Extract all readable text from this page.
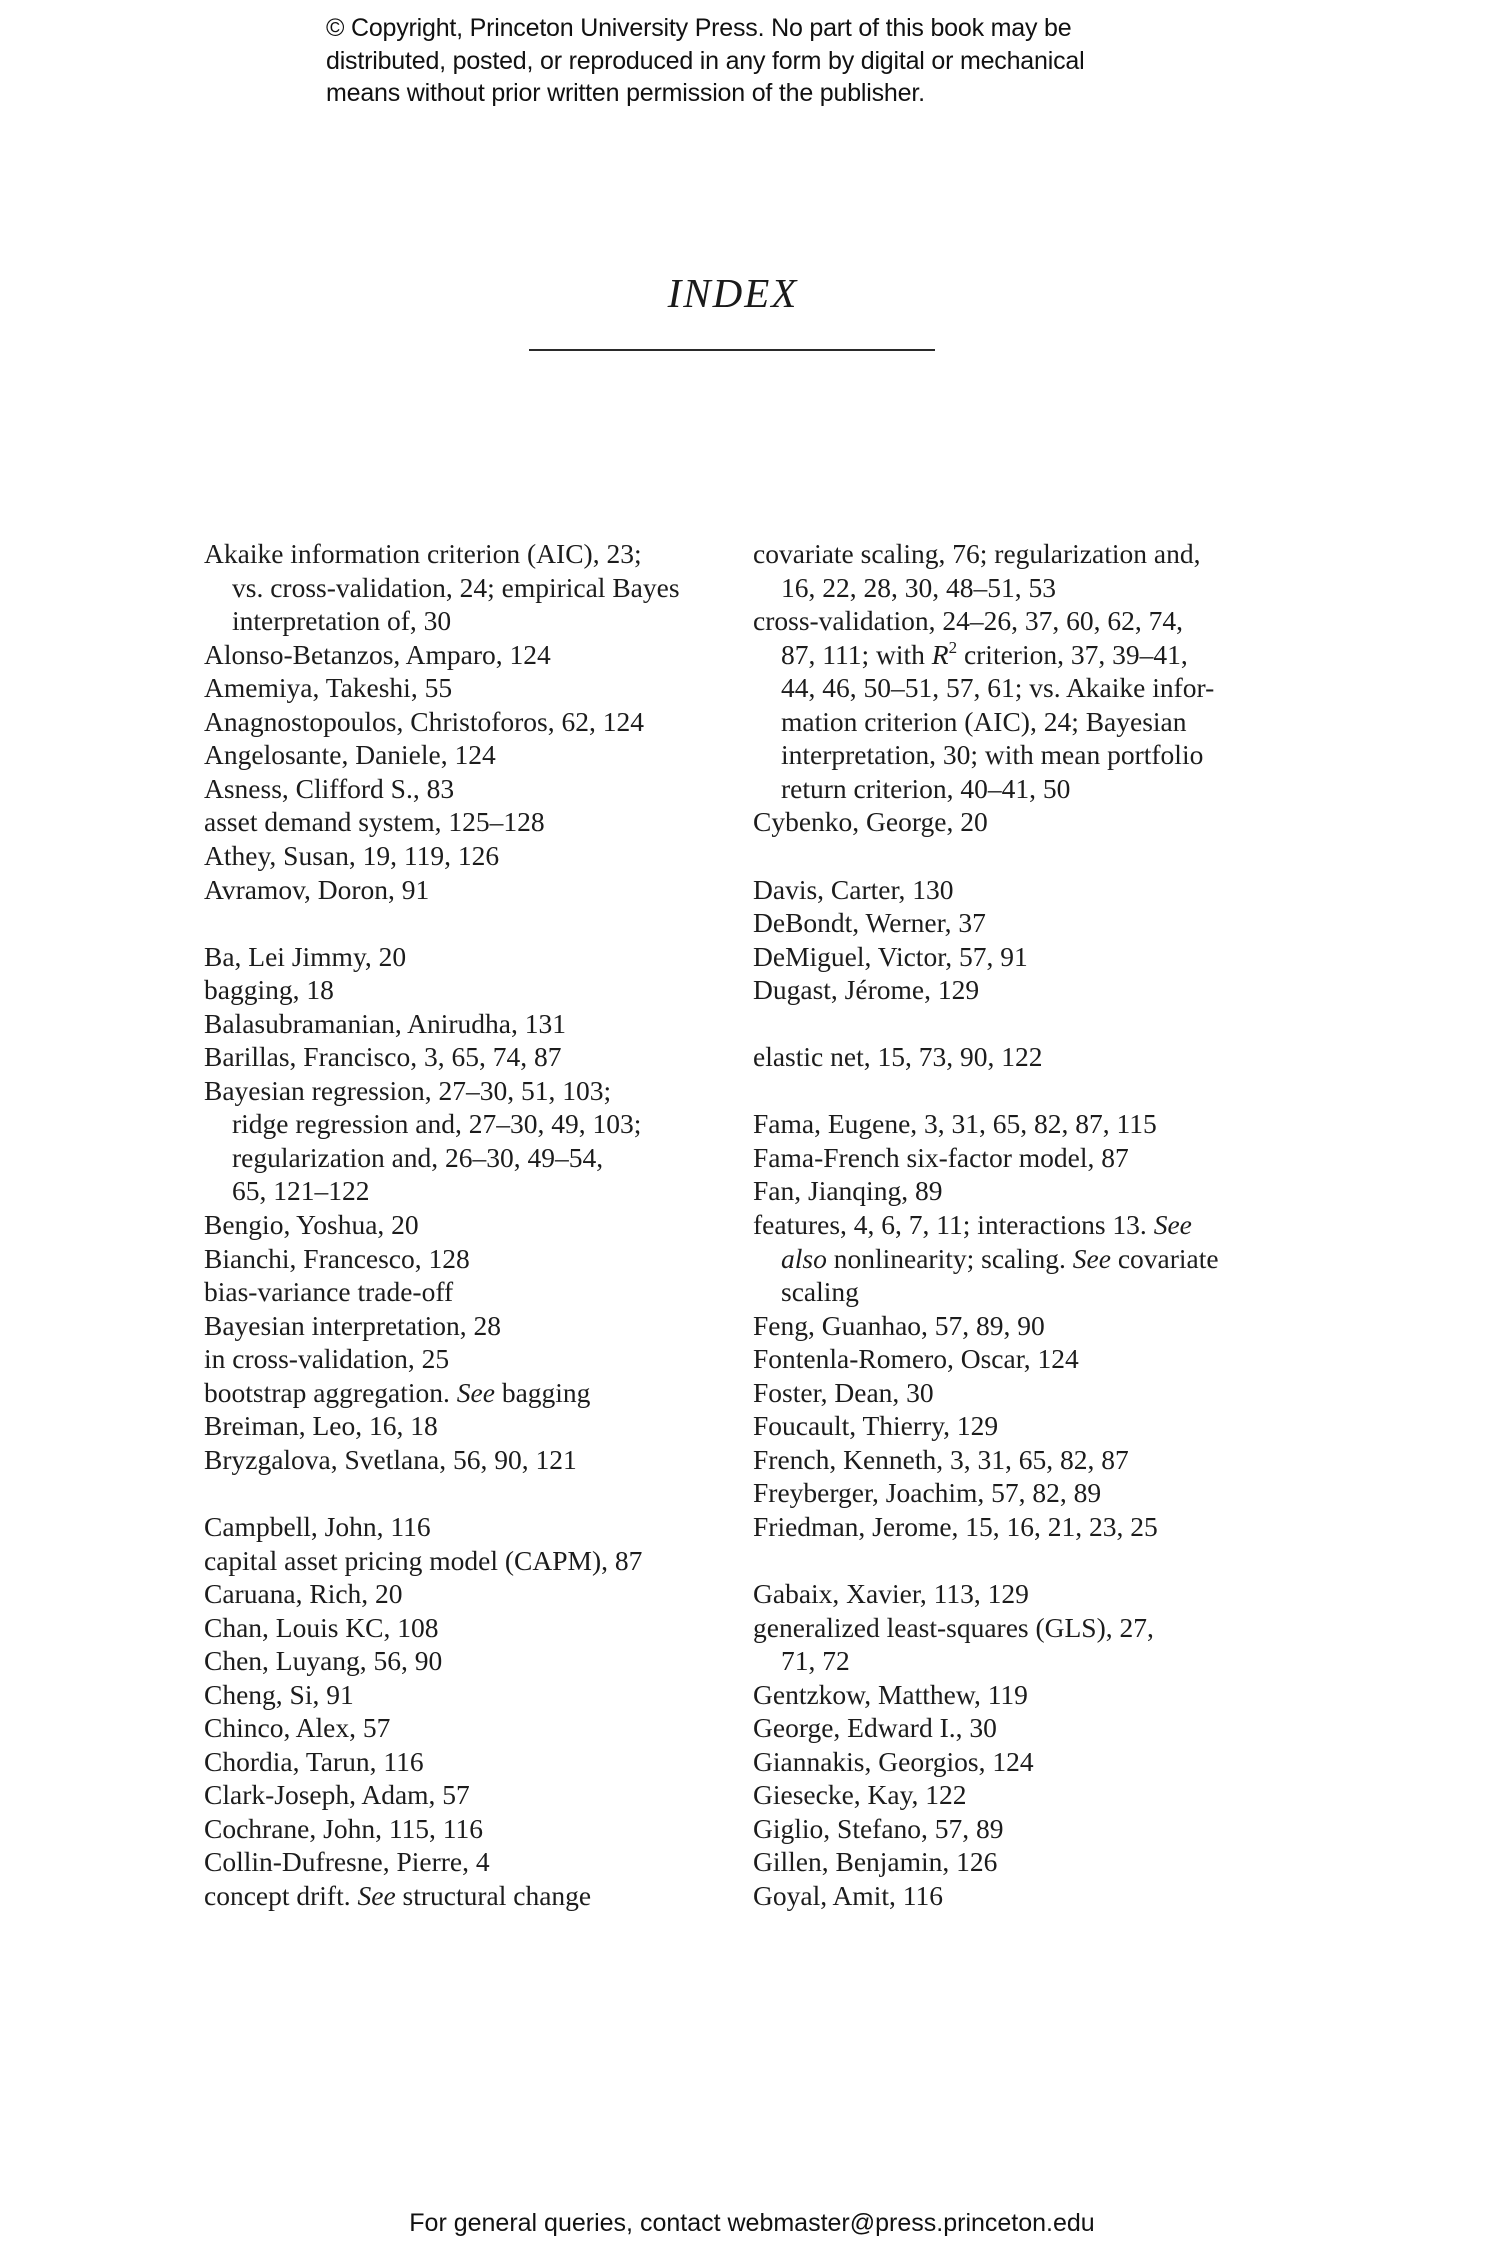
© Copyright, Princeton University Press. No part of this book may be
distributed, posted, or reproduced in any form by digital or mechanical
means without prior written permission of the publisher.
INDEX
Akaike information criterion (AIC), 23;
vs. cross-validation, 24; empirical Bayes
interpretation of, 30
Alonso-Betanzos, Amparo, 124
Amemiya, Takeshi, 55
Anagnostopoulos, Christoforos, 62, 124
Angelosante, Daniele, 124
Asness, Clifford S., 83
asset demand system, 125–128
Athey, Susan, 19, 119, 126
Avramov, Doron, 91
Ba, Lei Jimmy, 20
bagging, 18
Balasubramanian, Anirudha, 131
Barillas, Francisco, 3, 65, 74, 87
Bayesian regression, 27–30, 51, 103;
ridge regression and, 27–30, 49, 103;
regularization and, 26–30, 49–54,
65, 121–122
Bengio, Yoshua, 20
Bianchi, Francesco, 128
bias-variance trade-off
Bayesian interpretation, 28
in cross-validation, 25
bootstrap aggregation. See bagging
Breiman, Leo, 16, 18
Bryzgalova, Svetlana, 56, 90, 121
Campbell, John, 116
capital asset pricing model (CAPM), 87
Caruana, Rich, 20
Chan, Louis KC, 108
Chen, Luyang, 56, 90
Cheng, Si, 91
Chinco, Alex, 57
Chordia, Tarun, 116
Clark-Joseph, Adam, 57
Cochrane, John, 115, 116
Collin-Dufresne, Pierre, 4
concept drift. See structural change
covariate scaling, 76; regularization and,
16, 22, 28, 30, 48–51, 53
cross-validation, 24–26, 37, 60, 62, 74,
87, 111; with $R^2$ criterion, 37, 39–41,
44, 46, 50–51, 57, 61; vs. Akaike infor-
mation criterion (AIC), 24; Bayesian
interpretation, 30; with mean portfolio
return criterion, 40–41, 50
Cybenko, George, 20
Davis, Carter, 130
DeBondt, Werner, 37
DeMiguel, Victor, 57, 91
Dugast, Jérome, 129
elastic net, 15, 73, 90, 122
Fama, Eugene, 3, 31, 65, 82, 87, 115
Fama-French six-factor model, 87
Fan, Jianqing, 89
features, 4, 6, 7, 11; interactions 13. See
also nonlinearity; scaling. See covariate
scaling
Feng, Guanhao, 57, 89, 90
Fontenla-Romero, Oscar, 124
Foster, Dean, 30
Foucault, Thierry, 129
French, Kenneth, 3, 31, 65, 82, 87
Freyberger, Joachim, 57, 82, 89
Friedman, Jerome, 15, 16, 21, 23, 25
Gabaix, Xavier, 113, 129
generalized least-squares (GLS), 27,
71, 72
Gentzkow, Matthew, 119
George, Edward I., 30
Giannakis, Georgios, 124
Giesecke, Kay, 122
Giglio, Stefano, 57, 89
Gillen, Benjamin, 126
Goyal, Amit, 116
For general queries, contact webmaster@press.princeton.edu
